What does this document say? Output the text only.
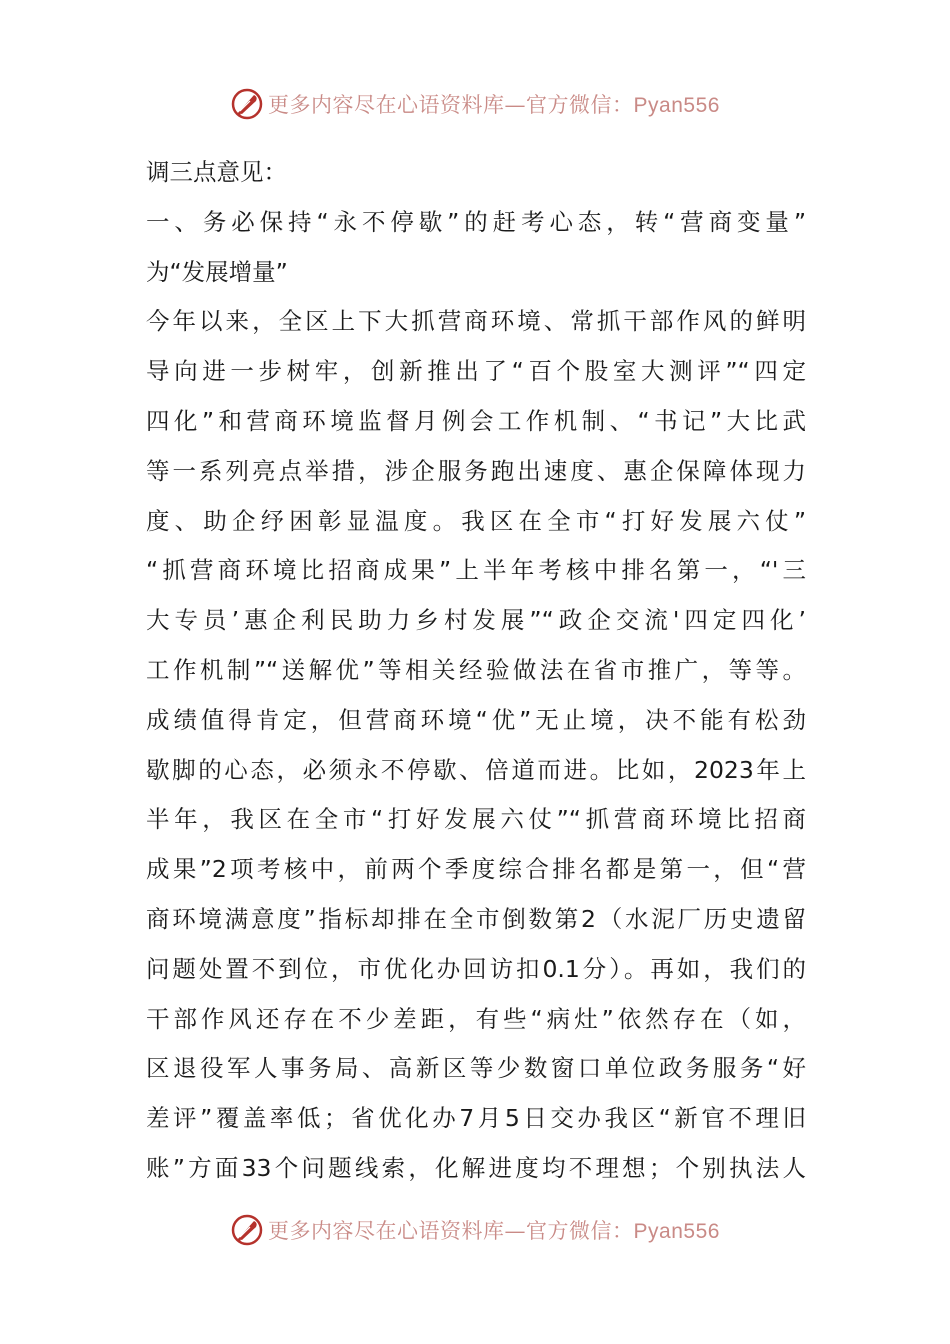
更多内容尽在心语资料库—官方微信：Pyan556
调三点意见：
一、务必保持“永不停歇”的赶考心态，转“营商变量”
为“发展增量”
今年以来，全区上下大抓营商环境、常抓干部作风的鲜明
导向进一步树牢，创新推出了“百个股室大测评”“四定
四化”和营商环境监督月例会工作机制、“书记”大比武
等一系列亮点举措，涉企服务跑出速度、惠企保障体现力
度、助企纾困彰显温度。我区在全市“打好发展六仗”
“抓营商环境比招商成果”上半年考核中排名第一，“'三
大专员’惠企利民助力乡村发展”“政企交流'四定四化’
工作机制”“送解优”等相关经验做法在省市推广，等等。
成绩值得肯定，但营商环境“优”无止境，决不能有松劲
歇脚的心态，必须永不停歇、倍道而进。比如，2023年上
半年，我区在全市“打好发展六仗”“抓营商环境比招商
成果”2项考核中，前两个季度综合排名都是第一，但“营
商环境满意度”指标却排在全市倒数第2（水泥厂历史遗留
问题处置不到位，市优化办回访扣0.1分）。再如，我们的
干部作风还存在不少差距，有些“病灶”依然存在（如，
区退役军人事务局、高新区等少数窗口单位政务服务“好
差评”覆盖率低；省优化办7月5日交办我区“新官不理旧
账”方面33个问题线索，化解进度均不理想；个别执法人
更多内容尽在心语资料库—官方微信：Pyan556
